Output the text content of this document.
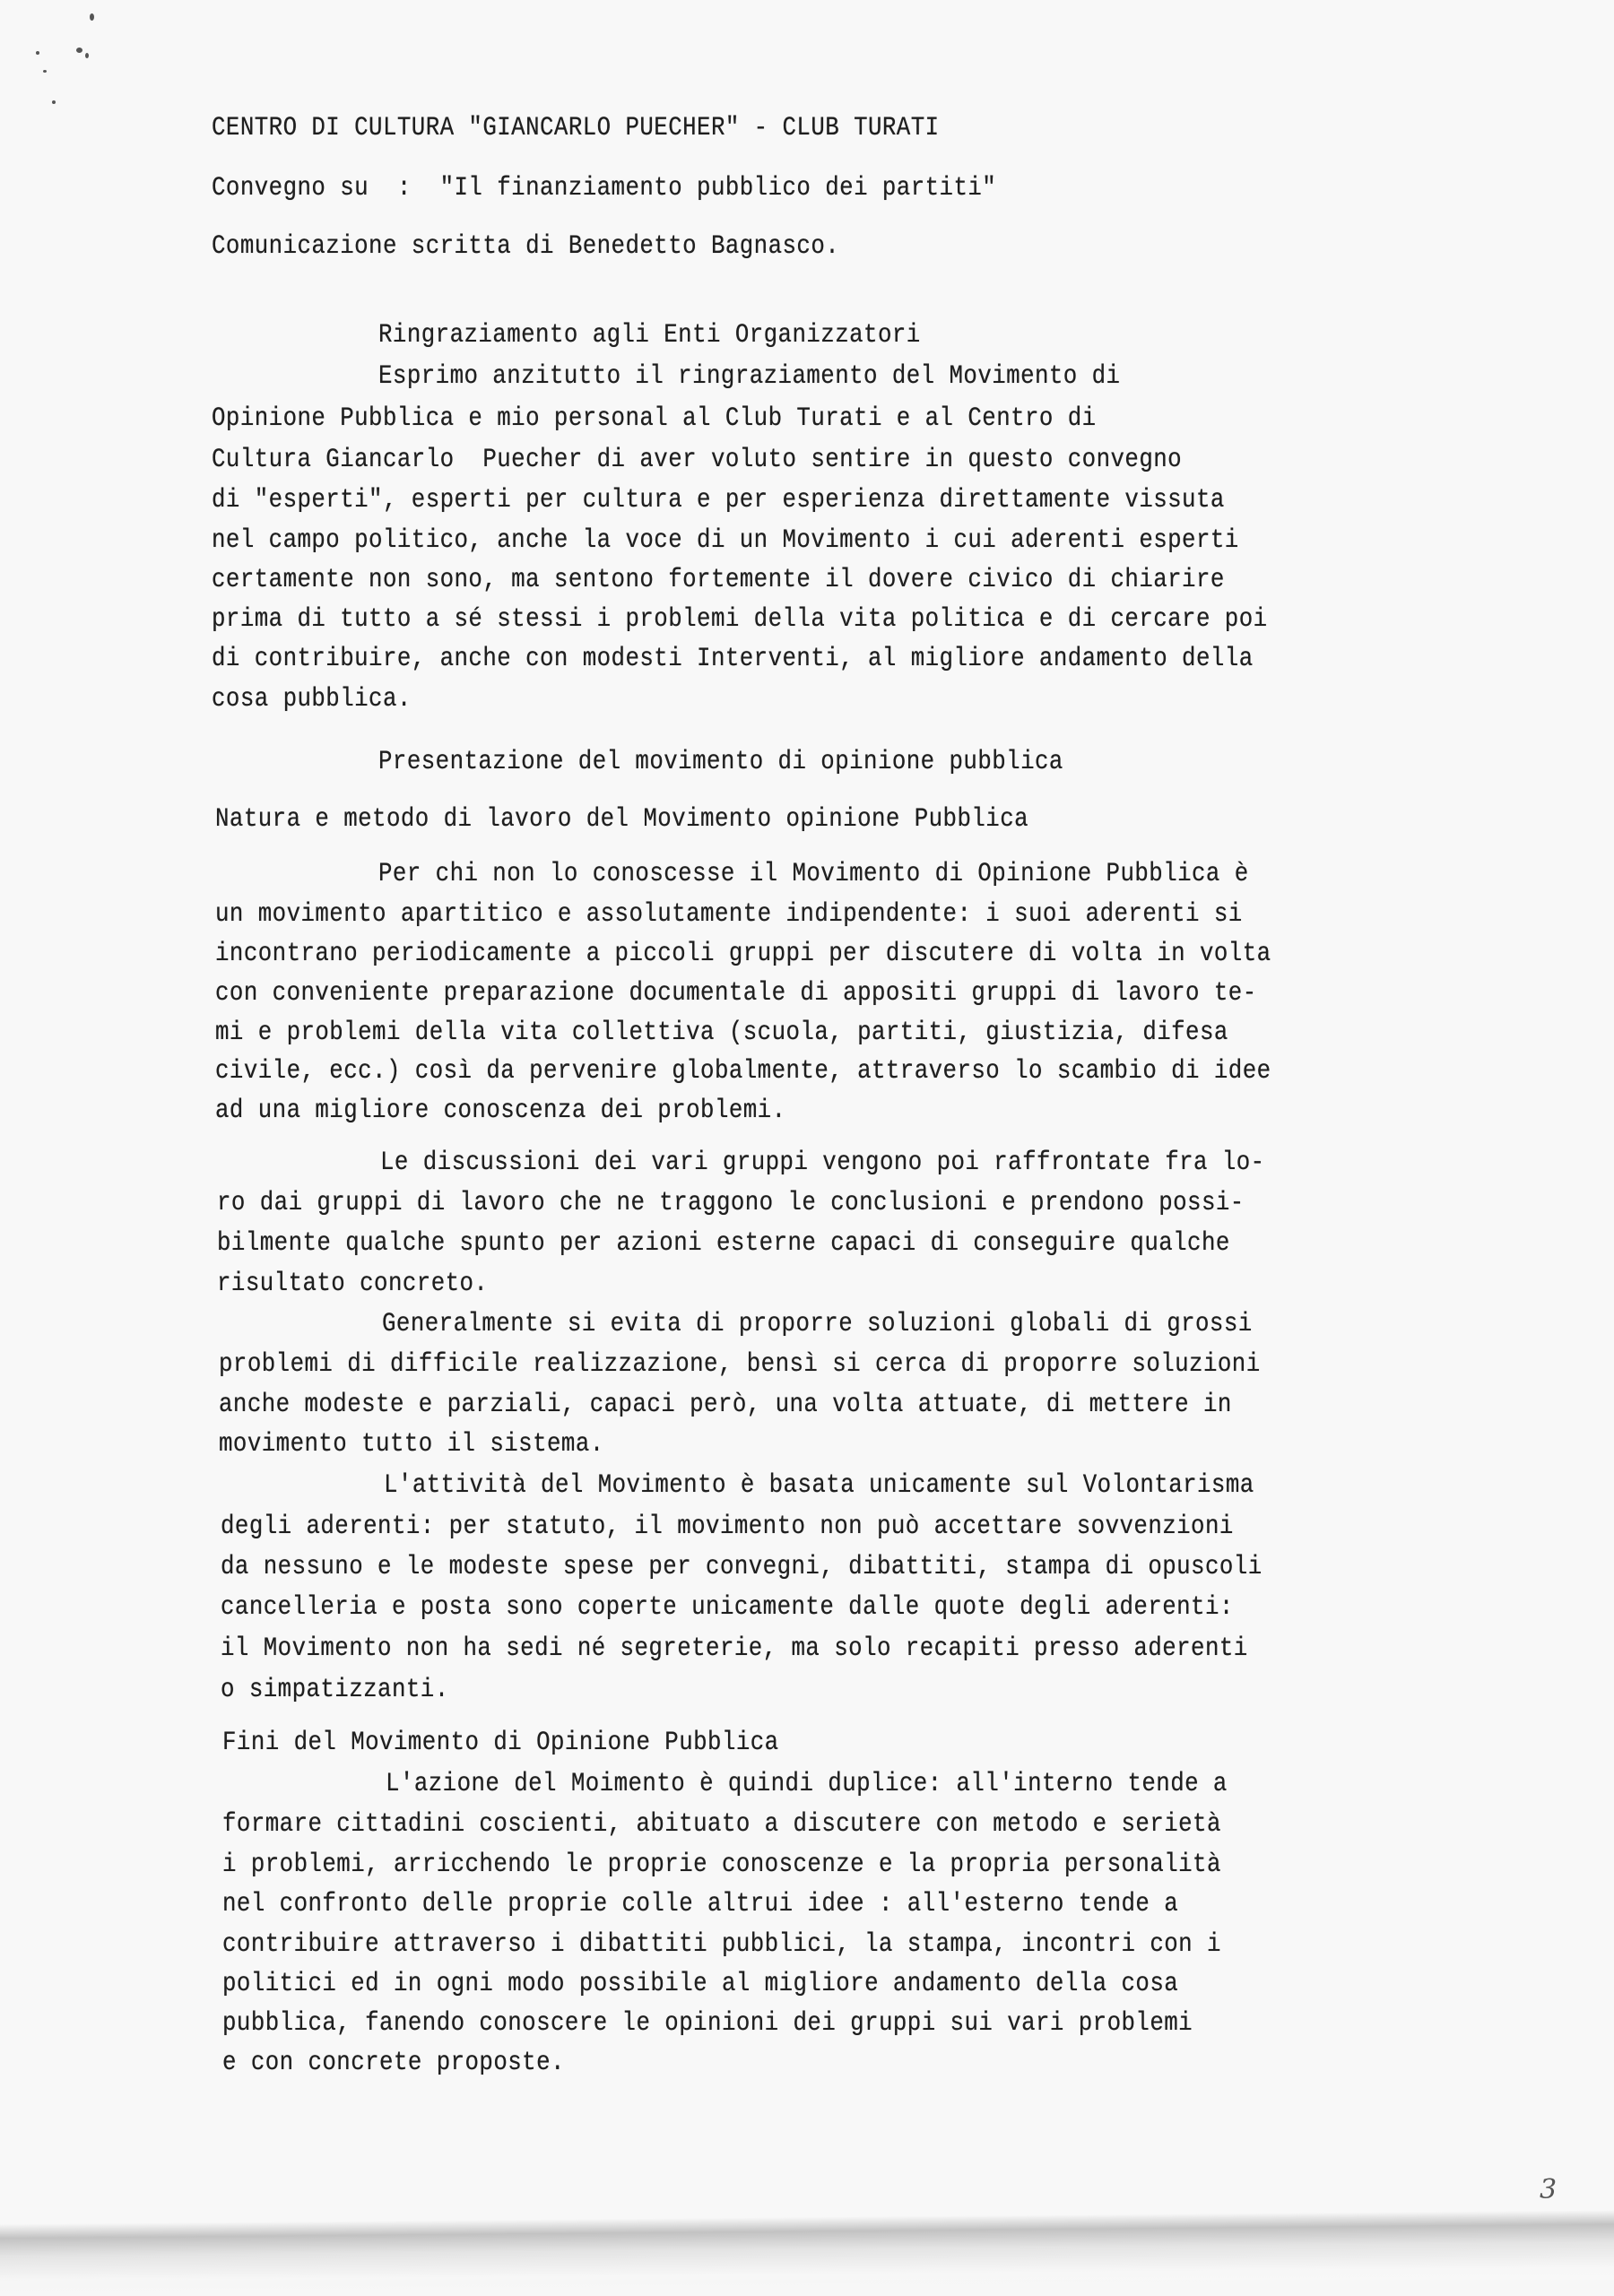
CENTRO DI CULTURA "GIANCARLO PUECHER" - CLUB TURATI
Convegno su  :  "Il finanziamento pubblico dei partiti"
Comunicazione scritta di Benedetto Bagnasco.
Ringraziamento agli Enti Organizzatori
Esprimo anzitutto il ringraziamento del Movimento di
Opinione Pubblica e mio personal al Club Turati e al Centro di
Cultura Giancarlo  Puecher di aver voluto sentire in questo convegno
di "esperti", esperti per cultura e per esperienza direttamente vissuta
nel campo politico, anche la voce di un Movimento i cui aderenti esperti
certamente non sono, ma sentono fortemente il dovere civico di chiarire
prima di tutto a sé stessi i problemi della vita politica e di cercare poi
di contribuire, anche con modesti Interventi, al migliore andamento della
cosa pubblica.
Presentazione del movimento di opinione pubblica
Natura e metodo di lavoro del Movimento opinione Pubblica
Per chi non lo conoscesse il Movimento di Opinione Pubblica è
un movimento apartitico e assolutamente indipendente: i suoi aderenti si
incontrano periodicamente a piccoli gruppi per discutere di volta in volta
con conveniente preparazione documentale di appositi gruppi di lavoro te-
mi e problemi della vita collettiva (scuola, partiti, giustizia, difesa
civile, ecc.) così da pervenire globalmente, attraverso lo scambio di idee
ad una migliore conoscenza dei problemi.
Le discussioni dei vari gruppi vengono poi raffrontate fra lo-
ro dai gruppi di lavoro che ne traggono le conclusioni e prendono possi-
bilmente qualche spunto per azioni esterne capaci di conseguire qualche
risultato concreto.
Generalmente si evita di proporre soluzioni globali di grossi
problemi di difficile realizzazione, bensì si cerca di proporre soluzioni
anche modeste e parziali, capaci però, una volta attuate, di mettere in
movimento tutto il sistema.
L'attività del Movimento è basata unicamente sul Volontarisma
degli aderenti: per statuto, il movimento non può accettare sovvenzioni
da nessuno e le modeste spese per convegni, dibattiti, stampa di opuscoli
cancelleria e posta sono coperte unicamente dalle quote degli aderenti:
il Movimento non ha sedi né segreterie, ma solo recapiti presso aderenti
o simpatizzanti.
Fini del Movimento di Opinione Pubblica
L'azione del Moimento è quindi duplice: all'interno tende a
formare cittadini coscienti, abituato a discutere con metodo e serietà
i problemi, arricchendo le proprie conoscenze e la propria personalità
nel confronto delle proprie colle altrui idee : all'esterno tende a
contribuire attraverso i dibattiti pubblici, la stampa, incontri con i
politici ed in ogni modo possibile al migliore andamento della cosa
pubblica, fanendo conoscere le opinioni dei gruppi sui vari problemi
e con concrete proposte.
3
